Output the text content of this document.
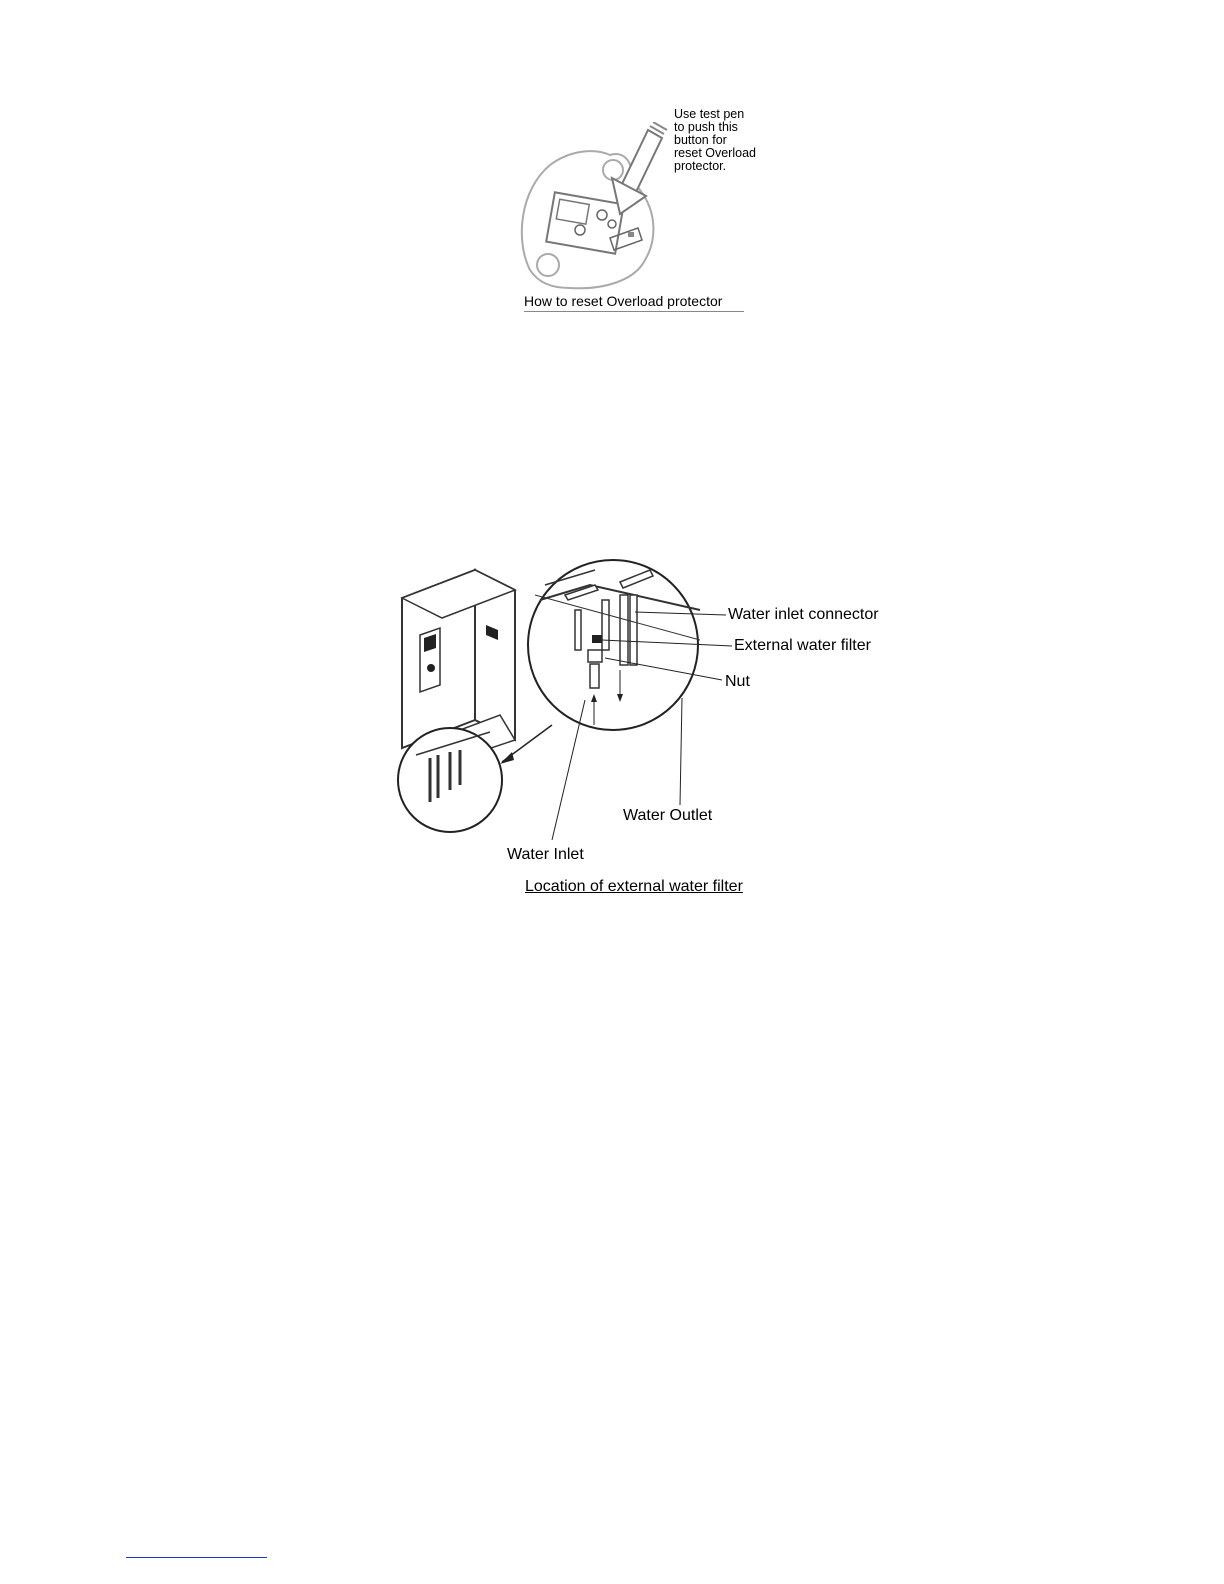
Use test pen
to push this
button for
reset Overload
protector.
How to reset Overload protector
Water inlet connector
External water filter
Nut
Water Outlet
Water Inlet
Location of external water filter
